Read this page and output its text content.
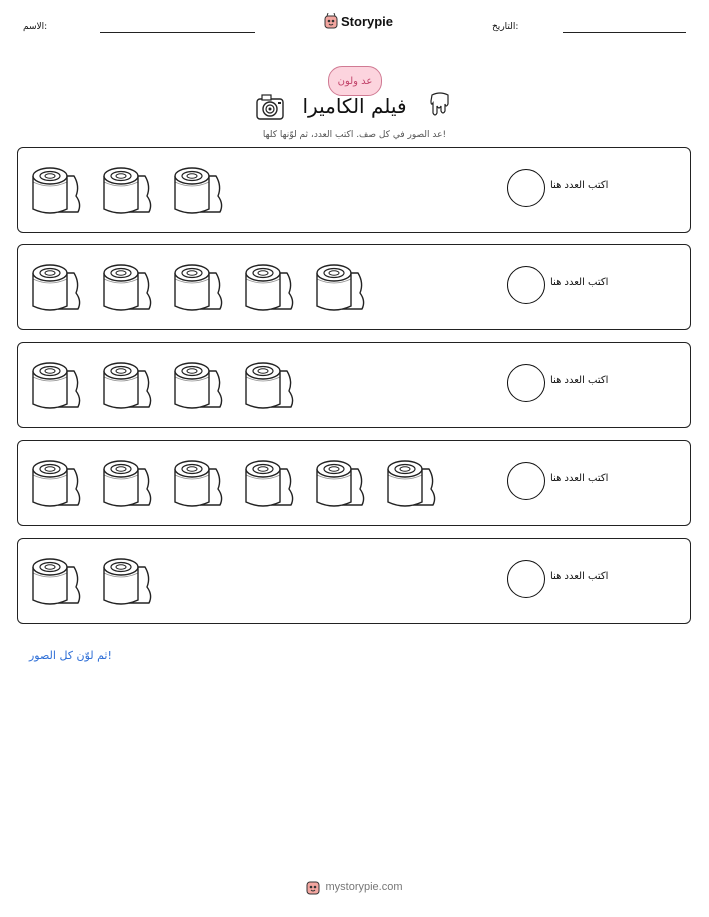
الاسم:	Storypie	التاريخ:
عد ولون
فيلم الكاميرا
عد الصور في كل صف. اكتب العدد، ثم لوّنها كلها!
اكتب العدد هنا
اكتب العدد هنا
اكتب العدد هنا
اكتب العدد هنا
اكتب العدد هنا
ثم لوّن كل الصور!
mystorypie.com
